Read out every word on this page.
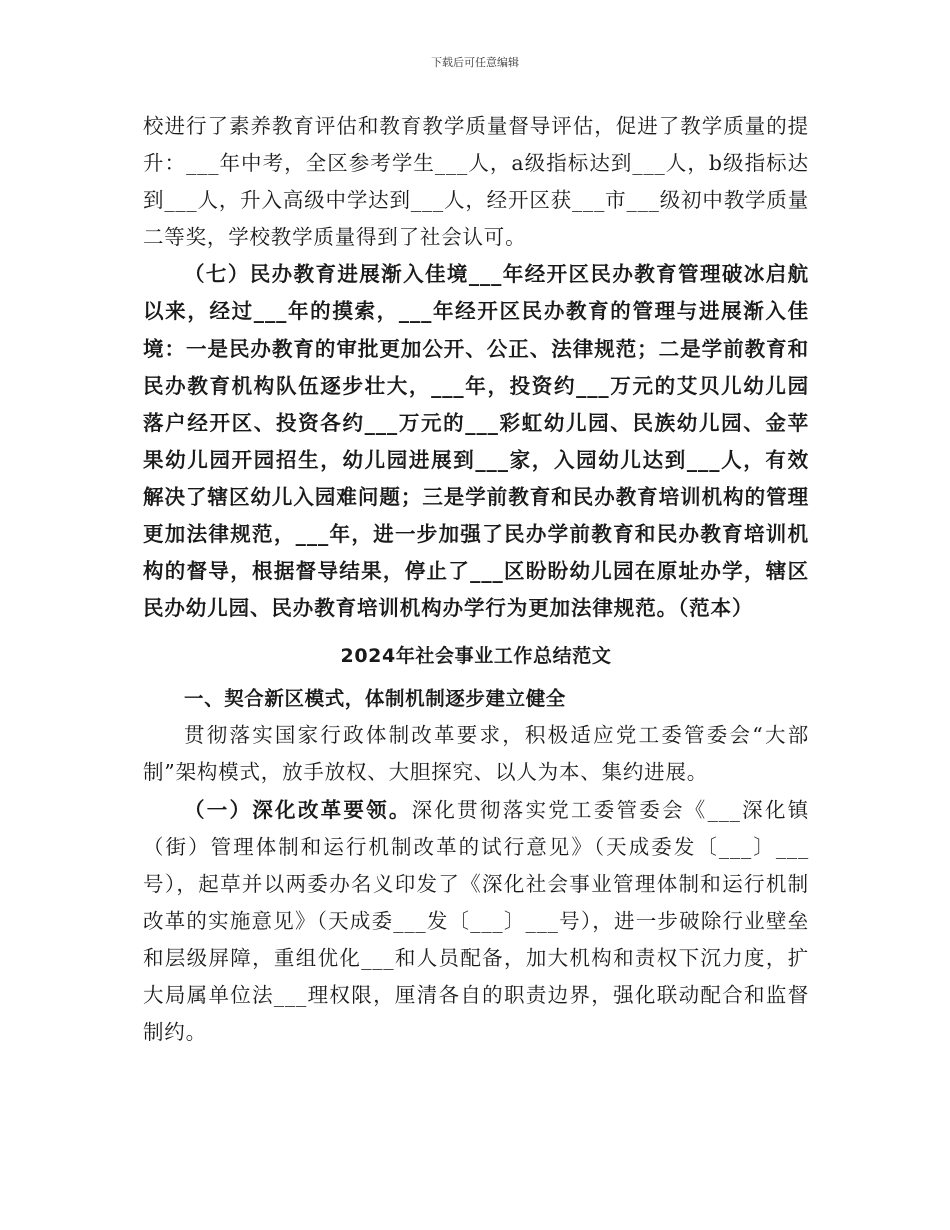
下载后可任意编辑

校进行了素养教育评估和教育教学质量督导评估，促进了教学质量的提升：___年中考，全区参考学生___人，a级指标达到___人，b级指标达到___人，升入高级中学达到___人，经开区获___市___级初中教学质量二等奖，学校教学质量得到了社会认可。

（七）民办教育进展渐入佳境___年经开区民办教育管理破冰启航以来，经过___年的摸索，___年经开区民办教育的管理与进展渐入佳境：一是民办教育的审批更加公开、公正、法律规范；二是学前教育和民办教育机构队伍逐步壮大，___年，投资约___万元的艾贝儿幼儿园落户经开区、投资各约___万元的___彩虹幼儿园、民族幼儿园、金苹果幼儿园开园招生，幼儿园进展到___家，入园幼儿达到___人，有效解决了辖区幼儿入园难问题；三是学前教育和民办教育培训机构的管理更加法律规范，___年，进一步加强了民办学前教育和民办教育培训机构的督导，根据督导结果，停止了___区盼盼幼儿园在原址办学，辖区民办幼儿园、民办教育培训机构办学行为更加法律规范。（范本）

2024年社会事业工作总结范文

一、契合新区模式，体制机制逐步建立健全

贯彻落实国家行政体制改革要求，积极适应党工委管委会“大部制”架构模式，放手放权、大胆探究、以人为本、集约进展。

（一）深化改革要领。深化贯彻落实党工委管委会《___深化镇（街）管理体制和运行机制改革的试行意见》（天成委发〔___〕___号），起草并以两委办名义印发了《深化社会事业管理体制和运行机制改革的实施意见》（天成委___发〔___〕___号），进一步破除行业壁垒和层级屏障，重组优化___和人员配备，加大机构和责权下沉力度，扩大局属单位法___理权限，厘清各自的职责边界，强化联动配合和监督制约。
